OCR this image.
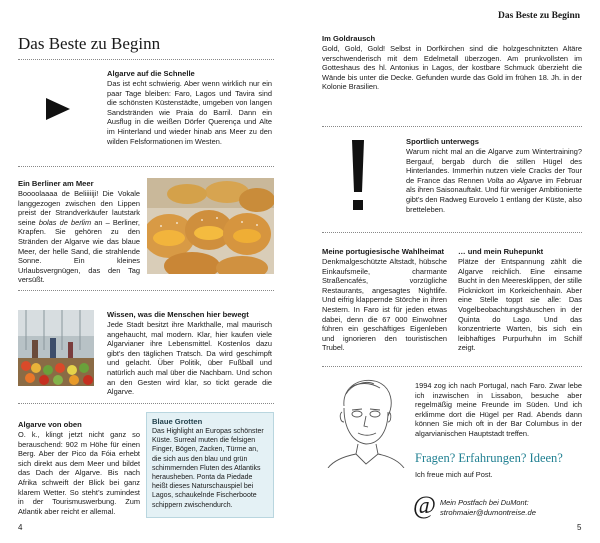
Das Beste zu Beginn
Algarve auf die Schnelle
Das ist echt schwierig. Aber wenn wirklich nur ein paar Tage bleiben: Faro, Lagos und Tavira sind die schönsten Küstenstädte, umgeben von langen Sandstränden wie Praia do Barril. Dann ein Ausflug in die weißen Dörfer Querença und Alte im Hinterland und wieder hinab ans Meer zu den wilden Felsformationen im Westen.
Ein Berliner am Meer
Boooolaaaa de Beliiiiiji! Die Vokale langgezogen zwischen den Lippen preist der Strandverkäufer lautstark seine bolas de berlim an – Berliner, Krapfen. Sie gehören zu den Stränden der Algarve wie das blaue Meer, der helle Sand, die strahlende Sonne. Ein kleines Urlaubsvergnügen, das den Tag versüßt.
Wissen, was die Menschen hier bewegt
Jede Stadt besitzt ihre Markthalle, mal maurisch angehaucht, mal modern. Klar, hier kaufen viele Algarvianer ihre Lebensmittel. Kostenlos dazu gibt’s den täglichen Tratsch. Da wird geschimpft und gelacht. Über Politik, über Fußball und natürlich auch mal über die Nachbarn. Und schon an den Gesten wird klar, so tickt gerade die Algarve.
Algarve von oben
O. k., klingt jetzt nicht ganz so berauschend: 902 m Höhe für einen Berg. Aber der Pico da Fóia erhebt sich direkt aus dem Meer und bildet das Dach der Algarve. Bis nach Afrika schweift der Blick bei ganz klarem Wetter. So steht’s zumindest in der Tourismuswerbung. Zum Atlantik aber reicht er allemal.
Blaue Grotten
Das Highlight an Europas schönster Küste. Surreal muten die felsigen Finger, Bögen, Zacken, Türme an, die sich aus den blau und grün schimmernden Fluten des Atlantiks herausheben. Ponta da Piedade heißt dieses Naturschauspiel bei Lagos, schaukelnde Fischerboote schippern zwischendurch.
4
Das Beste zu Beginn
Im Goldrausch
Gold, Gold, Gold! Selbst in Dorfkirchen sind die holzgeschnitzten Altäre verschwenderisch mit dem Edelmetall überzogen. Am prunkvollsten im Gotteshaus des hl. Antonius in Lagos, der kostbare Schmuck überzieht die Wände bis unter die Decke. Gefunden wurde das Gold im frühen 18. Jh. in der Kolonie Brasilien.
Sportlich unterwegs
Warum nicht mal an die Algarve zum Wintertraining? Bergauf, bergab durch die stillen Hügel des Hinterlandes. Immerhin nutzen viele Cracks der Tour de France das Rennen Volta ao Algarve im Februar als ihren Saisonauftakt. Und für weniger Ambitionierte gibt’s den Radweg Eurovelo 1 entlang der Küste, also bretteleben.
Meine portugiesische Wahlheimat
Denkmalgeschützte Altstadt, hübsche Einkaufsmeile, charmante Straßencafés, vorzügliche Restaurants, angesagtes Nightlife. Und eifrig klappernde Störche in ihren Nestern. In Faro ist für jeden etwas dabei, denn die 67 000 Einwohner führen ein geschäftiges Eigenleben und ignorieren den touristischen Trubel.
… und mein Ruhepunkt
Plätze der Entspannung zählt die Algarve reichlich. Eine einsame Bucht in den Meeresklippen, der stille Picknickort im Korkeichenhain. Aber eine Stelle toppt sie alle: Das Vogelbeobachtungshäuschen in der Quinta do Lago. Und das konzentrierte Warten, bis sich ein leibhaftiges Purpurhuhn im Schilf zeigt.
1994 zog ich nach Portugal, nach Faro. Zwar lebe ich inzwischen in Lissabon, besuche aber regelmäßig meine Freunde im Süden. Und ich erklimme dort die Hügel per Rad. Abends dann können Sie mich oft in der Bar Columbus in der algarvianischen Hauptstadt treffen.
Fragen? Erfahrungen? Ideen?
Ich freue mich auf Post.
@ Mein Postfach bei DuMont:
strohmaier@dumontreise.de
5
